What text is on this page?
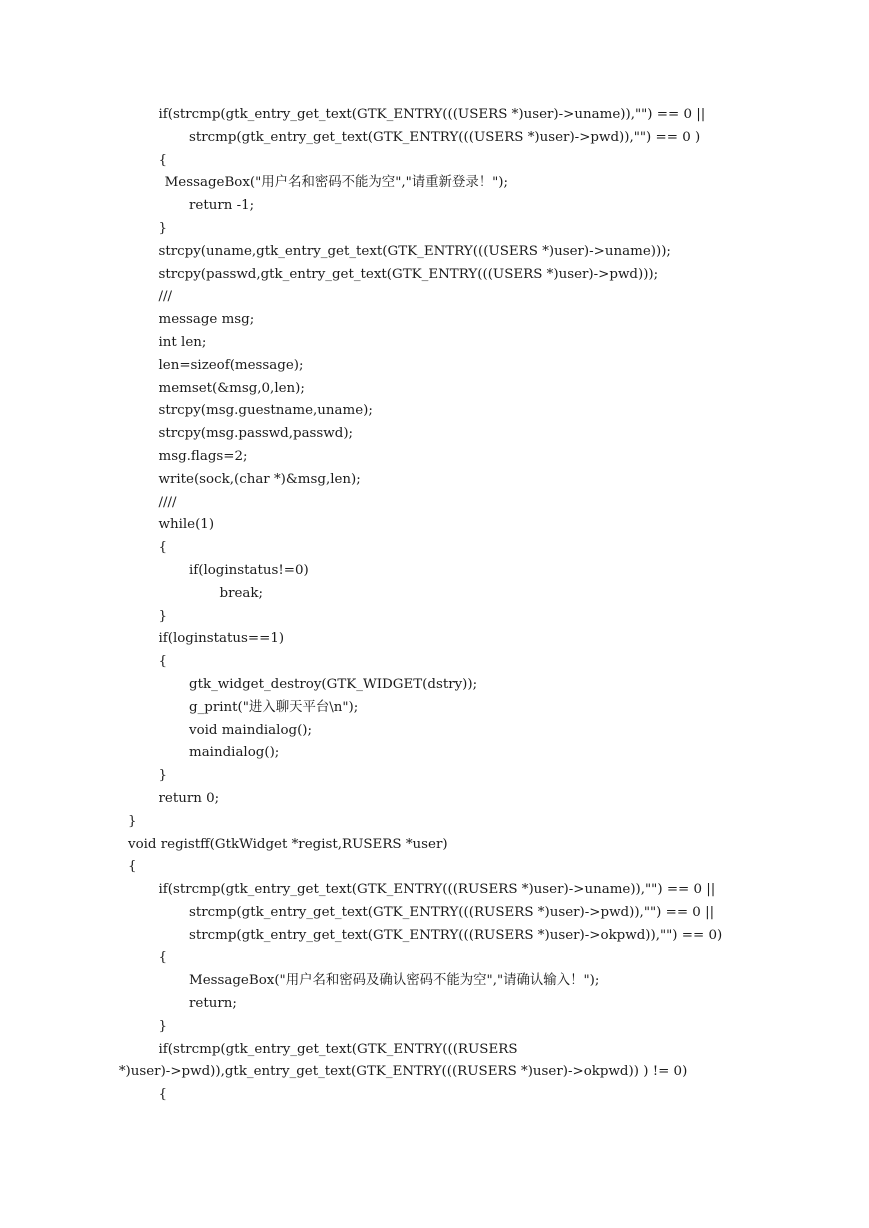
if(strcmp(gtk_entry_get_text(GTK_ENTRY(((USERS *)user)->uname)),"") == 0 ||
strcmp(gtk_entry_get_text(GTK_ENTRY(((USERS *)user)->pwd)),"") == 0 )
{
MessageBox("用户名和密码不能为空","请重新登录！");
return -1;
}
strcpy(uname,gtk_entry_get_text(GTK_ENTRY(((USERS *)user)->uname)));
strcpy(passwd,gtk_entry_get_text(GTK_ENTRY(((USERS *)user)->pwd)));
///
message msg;
int len;
len=sizeof(message);
memset(&msg,0,len);
strcpy(msg.guestname,uname);
strcpy(msg.passwd,passwd);
msg.flags=2;
write(sock,(char *)&msg,len);
////
while(1)
{
if(loginstatus!=0)
break;
}
if(loginstatus==1)
{
gtk_widget_destroy(GTK_WIDGET(dstry));
g_print("进入聊天平台\n");
void maindialog();
maindialog();
}
return 0;
}
void registff(GtkWidget *regist,RUSERS *user)
{
if(strcmp(gtk_entry_get_text(GTK_ENTRY(((RUSERS *)user)->uname)),"") == 0 ||
strcmp(gtk_entry_get_text(GTK_ENTRY(((RUSERS *)user)->pwd)),"") == 0 ||
strcmp(gtk_entry_get_text(GTK_ENTRY(((RUSERS *)user)->okpwd)),"") == 0)
{
MessageBox("用户名和密码及确认密码不能为空","请确认输入！");
return;
}
if(strcmp(gtk_entry_get_text(GTK_ENTRY(((RUSERS
*)user)->pwd)),gtk_entry_get_text(GTK_ENTRY(((RUSERS *)user)->okpwd)) ) != 0)
{
